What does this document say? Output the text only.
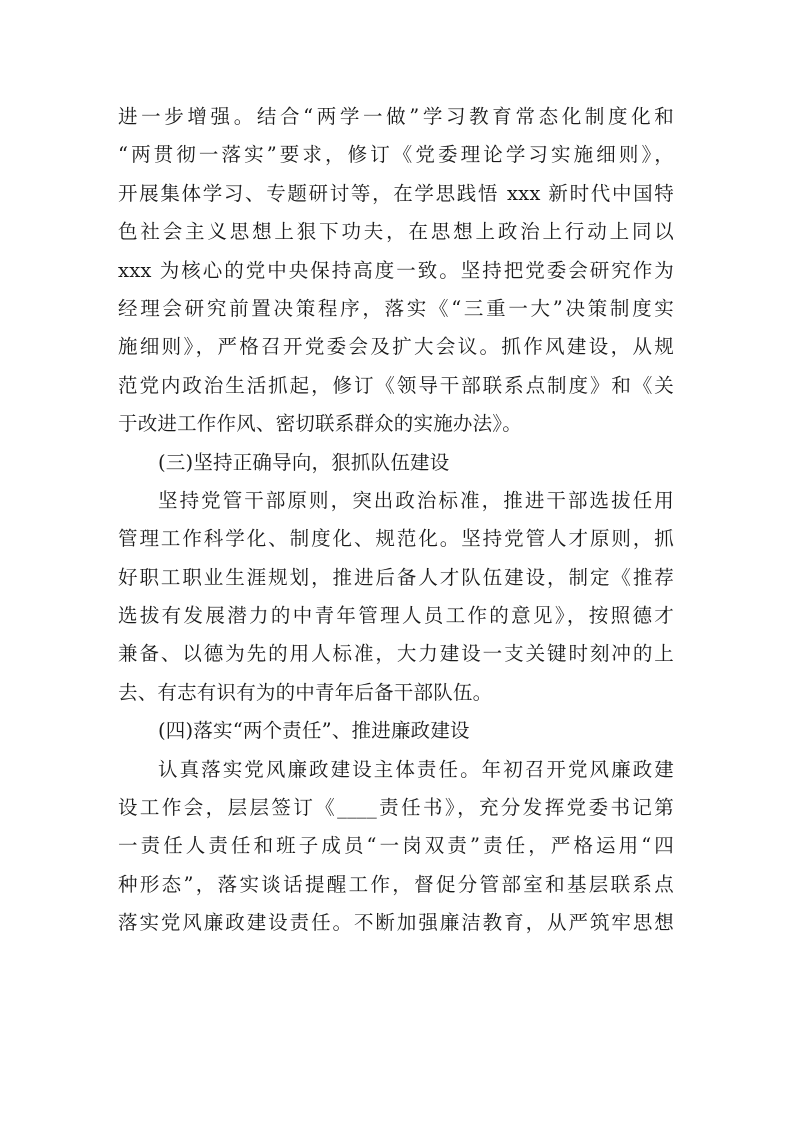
进一步增强。结合“两学一做”学习教育常态化制度化和
“两贯彻一落实”要求，修订《党委理论学习实施细则》，
开展集体学习、专题研讨等，在学思践悟 xxx 新时代中国特
色社会主义思想上狠下功夫，在思想上政治上行动上同以
xxx 为核心的党中央保持高度一致。坚持把党委会研究作为
经理会研究前置决策程序，落实《“三重一大”决策制度实
施细则》，严格召开党委会及扩大会议。抓作风建设，从规
范党内政治生活抓起，修订《领导干部联系点制度》和《关
于改进工作作风、密切联系群众的实施办法》。
(三)坚持正确导向，狠抓队伍建设
坚持党管干部原则，突出政治标准，推进干部选拔任用
管理工作科学化、制度化、规范化。坚持党管人才原则，抓
好职工职业生涯规划，推进后备人才队伍建设，制定《推荐
选拔有发展潜力的中青年管理人员工作的意见》，按照德才
兼备、以德为先的用人标准，大力建设一支关键时刻冲的上
去、有志有识有为的中青年后备干部队伍。
(四)落实“两个责任”、推进廉政建设
认真落实党风廉政建设主体责任。年初召开党风廉政建
设工作会，层层签订《____责任书》，充分发挥党委书记第
一责任人责任和班子成员“一岗双责”责任，严格运用“四
种形态”，落实谈话提醒工作，督促分管部室和基层联系点
落实党风廉政建设责任。不断加强廉洁教育，从严筑牢思想
